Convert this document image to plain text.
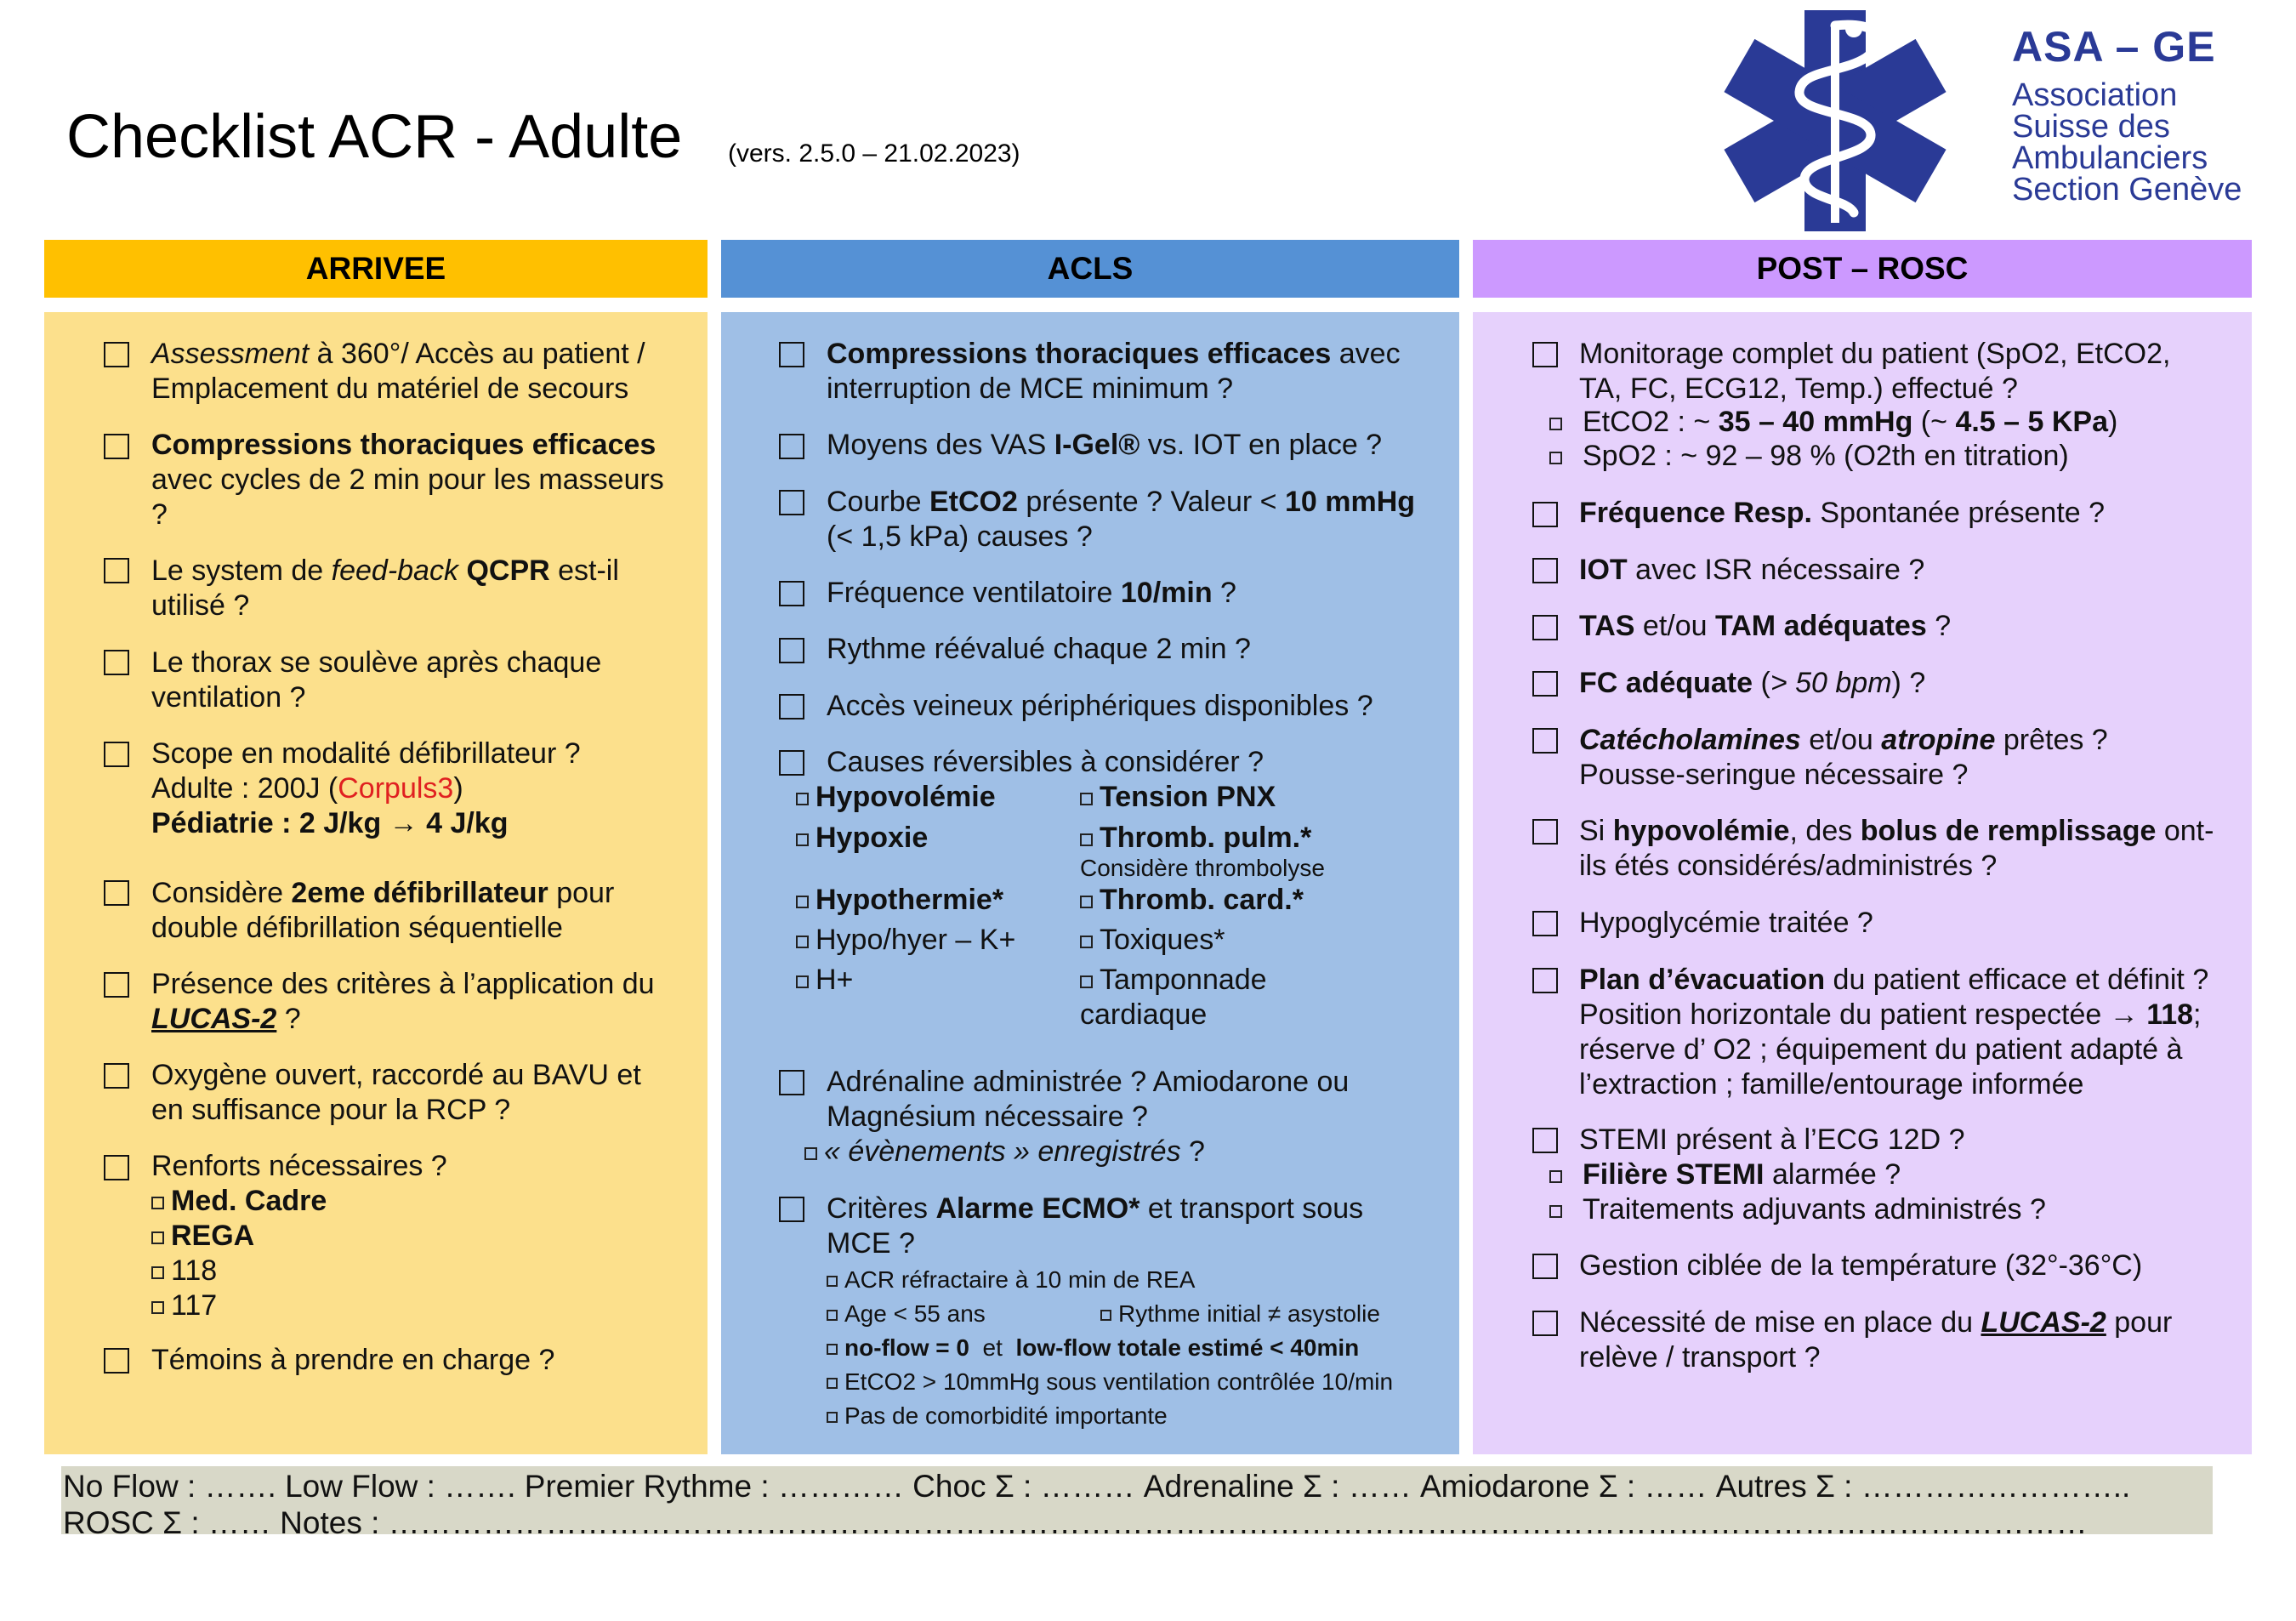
Checklist ACR - Adulte (vers. 2.5.0 – 21.02.2023)
ASA – GE
Association
Suisse des
Ambulanciers
Section Genève
ARRIVEE	ACLS	POST – ROSC
Assessment à 360°/ Accès au patient /
Emplacement du matériel de secours
Compressions thoraciques efficaces
avec cycles de 2 min pour les masseurs
?
Le system de feed-back QCPR est-il
utilisé ?
Le thorax se soulève après chaque
ventilation ?
Scope en modalité défibrillateur ?
Adulte : 200J (Corpuls3)
Pédiatrie : 2 J/kg → 4 J/kg
Considère 2eme défibrillateur pour
double défibrillation séquentielle
Présence des critères à l’application du
LUCAS-2 ?
Oxygène ouvert, raccordé au BAVU et
en suffisance pour la RCP ?
Renforts nécessaires ?
Med. Cadre
REGA
118
117
Témoins à prendre en charge ?
Compressions thoraciques efficaces avec
interruption de MCE minimum ?
Moyens des VAS I-Gel® vs. IOT en place ?
Courbe EtCO2 présente ? Valeur < 10 mmHg
(< 1,5 kPa) causes ?
Fréquence ventilatoire 10/min ?
Rythme réévalué chaque 2 min ?
Accès veineux périphériques disponibles ?
Causes réversibles à considérer ?
Hypovolémie
Hypoxie
Hypothermie*
Hypo/hyer – K+
H+
Tension PNX
Thromb. pulm.*
Considère thrombolyse
Thromb. card.*
Toxiques*
Tamponnade
cardiaque
Adrénaline administrée ? Amiodarone ou
Magnésium nécessaire ?
« évènements » enregistrés ?
Critères Alarme ECMO* et transport sous
MCE ?
ACR réfractaire à 10 min de REA
Age < 55 ans	Rythme initial ≠ asystolie
no-flow = 0  et  low-flow totale estimé < 40min
EtCO2 > 10mmHg sous ventilation contrôlée 10/min
Pas de comorbidité importante
Monitorage complet du patient (SpO2, EtCO2,
TA, FC, ECG12, Temp.) effectué ?
EtCO2 : ~ 35 – 40 mmHg (~ 4.5 – 5 KPa)
SpO2 : ~ 92 – 98 % (O2th en titration)
Fréquence Resp. Spontanée présente ?
IOT avec ISR nécessaire ?
TAS et/ou TAM adéquates ?
FC adéquate (> 50 bpm) ?
Catécholamines et/ou atropine prêtes ?
Pousse-seringue nécessaire ?
Si hypovolémie, des bolus de remplissage ont-
ils étés considérés/administrés ?
Hypoglycémie traitée ?
Plan d’évacuation du patient efficace et définit ?
Position horizontale du patient respectée → 118;
réserve d’ O2 ; équipement du patient adapté à
l’extraction ; famille/entourage informée
STEMI présent à l’ECG 12D ?
Filière STEMI alarmée ?
Traitements adjuvants administrés ?
Gestion ciblée de la température (32°-36°C)
Nécessité de mise en place du LUCAS-2 pour
relève / transport ?
No Flow : ……. Low Flow : ……. Premier Rythme : ………… Choc Σ : ……… Adrenaline Σ : …… Amiodarone Σ : …… Autres Σ : ……………………..
ROSC Σ : …… Notes : ………………………………………………………………………………………………………………………………………………
